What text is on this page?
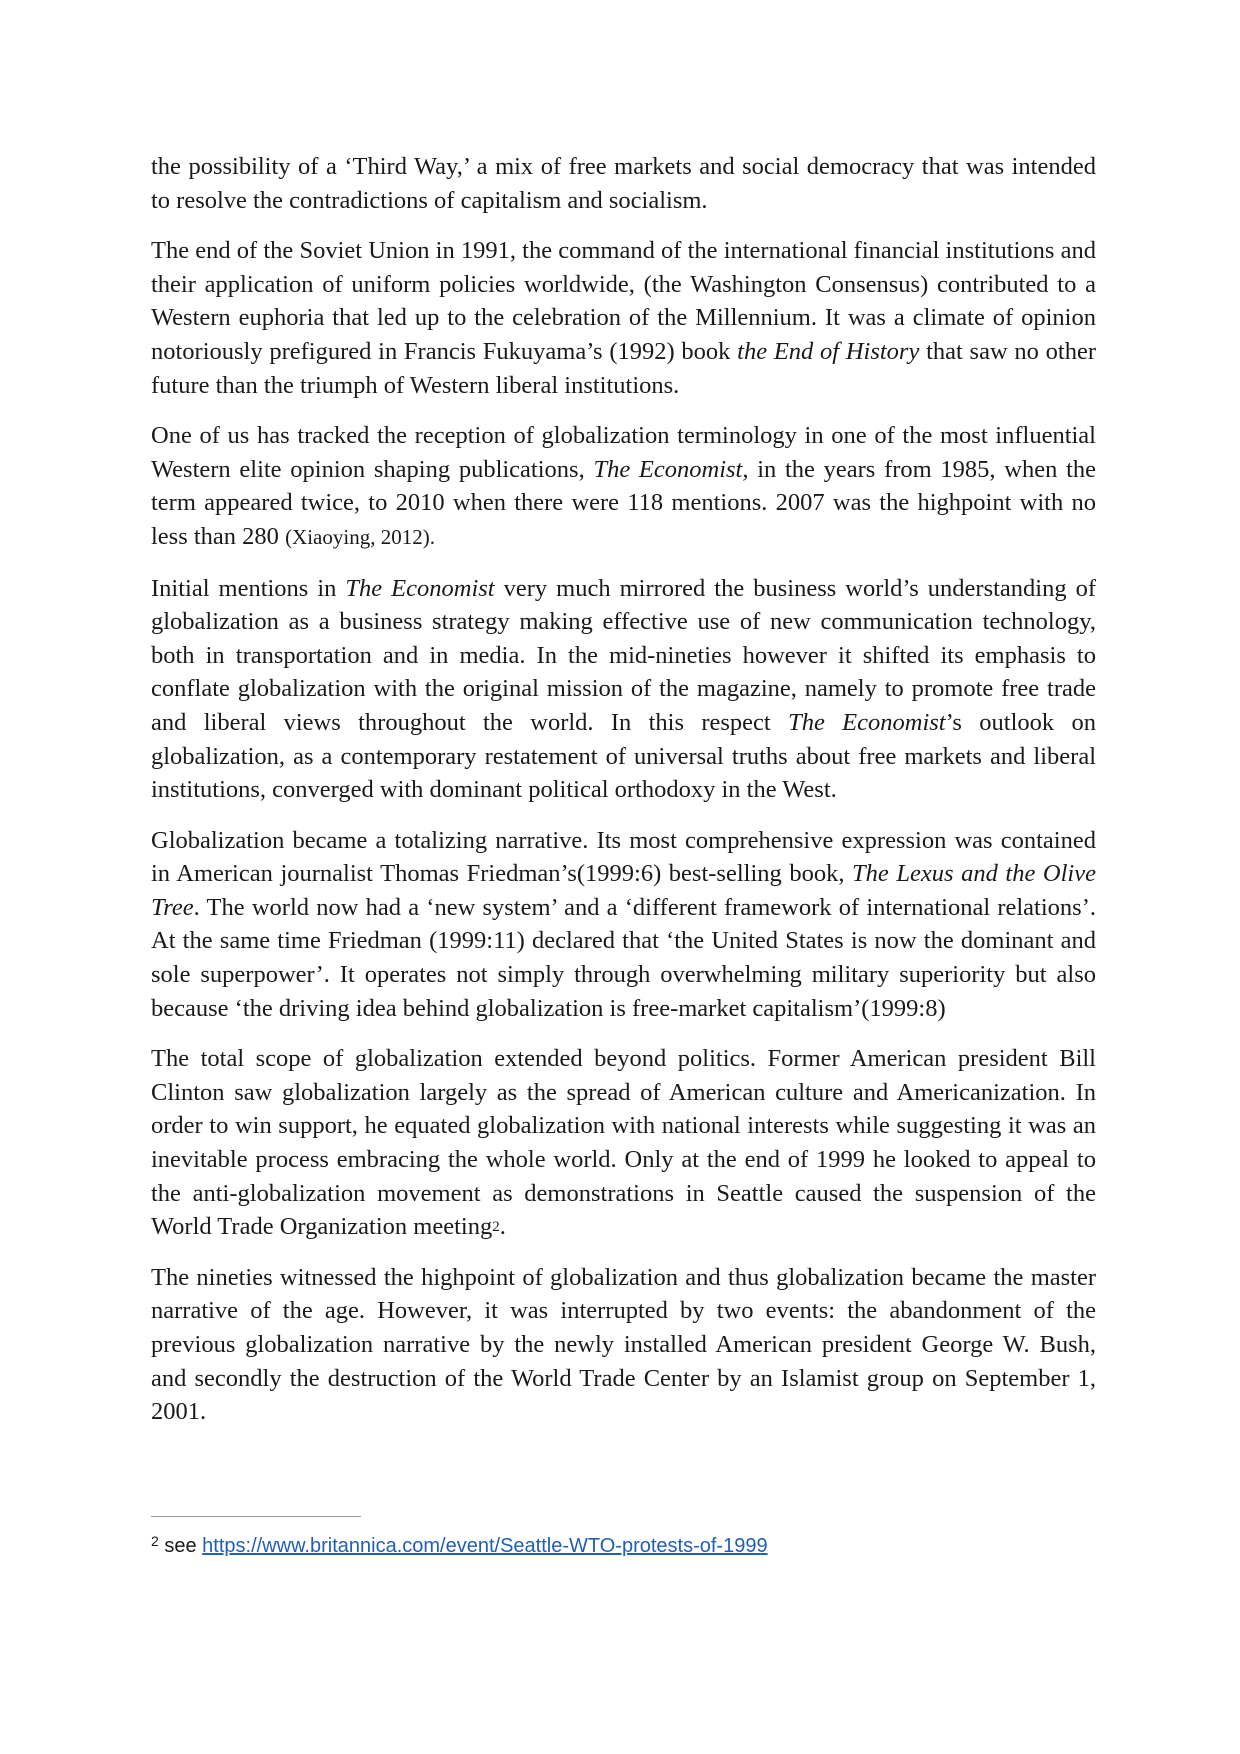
the possibility of a ‘Third Way,’ a mix of free markets and social democracy that was intended to resolve the contradictions of capitalism and socialism.

The end of the Soviet Union in 1991, the command of the international financial institutions and their application of uniform policies worldwide, (the Washington Consensus) contributed to a Western euphoria that led up to the celebration of the Millennium. It was a climate of opinion notoriously prefigured in Francis Fukuyama’s (1992) book the End of History that saw no other future than the triumph of Western liberal institutions.

One of us has tracked the reception of globalization terminology in one of the most influential Western elite opinion shaping publications, The Economist, in the years from 1985, when the term appeared twice, to 2010 when there were 118 mentions. 2007 was the highpoint with no less than 280 (Xiaoying, 2012).

Initial mentions in The Economist very much mirrored the business world’s understanding of globalization as a business strategy making effective use of new communication technology, both in transportation and in media. In the mid-nineties however it shifted its emphasis to conflate globalization with the original mission of the magazine, namely to promote free trade and liberal views throughout the world. In this respect The Economist’s outlook on globalization, as a contemporary restatement of universal truths about free markets and liberal institutions, converged with dominant political orthodoxy in the West.

Globalization became a totalizing narrative. Its most comprehensive expression was contained in American journalist Thomas Friedman’s(1999:6) best-selling book, The Lexus and the Olive Tree. The world now had a ‘new system’ and a ‘different framework of international relations’. At the same time Friedman (1999:11) declared that ‘the United States is now the dominant and sole superpower’. It operates not simply through overwhelming military superiority but also because ‘the driving idea behind globalization is free-market capitalism’(1999:8)

The total scope of globalization extended beyond politics. Former American president Bill Clinton saw globalization largely as the spread of American culture and Americanization. In order to win support, he equated globalization with national interests while suggesting it was an inevitable process embracing the whole world. Only at the end of 1999 he looked to appeal to the anti-globalization movement as demonstrations in Seattle caused the suspension of the World Trade Organization meeting$^2$.

The nineties witnessed the highpoint of globalization and thus globalization became the master narrative of the age. However, it was interrupted by two events: the abandonment of the previous globalization narrative by the newly installed American president George W. Bush, and secondly the destruction of the World Trade Center by an Islamist group on September 1, 2001.

$^2$ see https://www.britannica.com/event/Seattle-WTO-protests-of-1999
